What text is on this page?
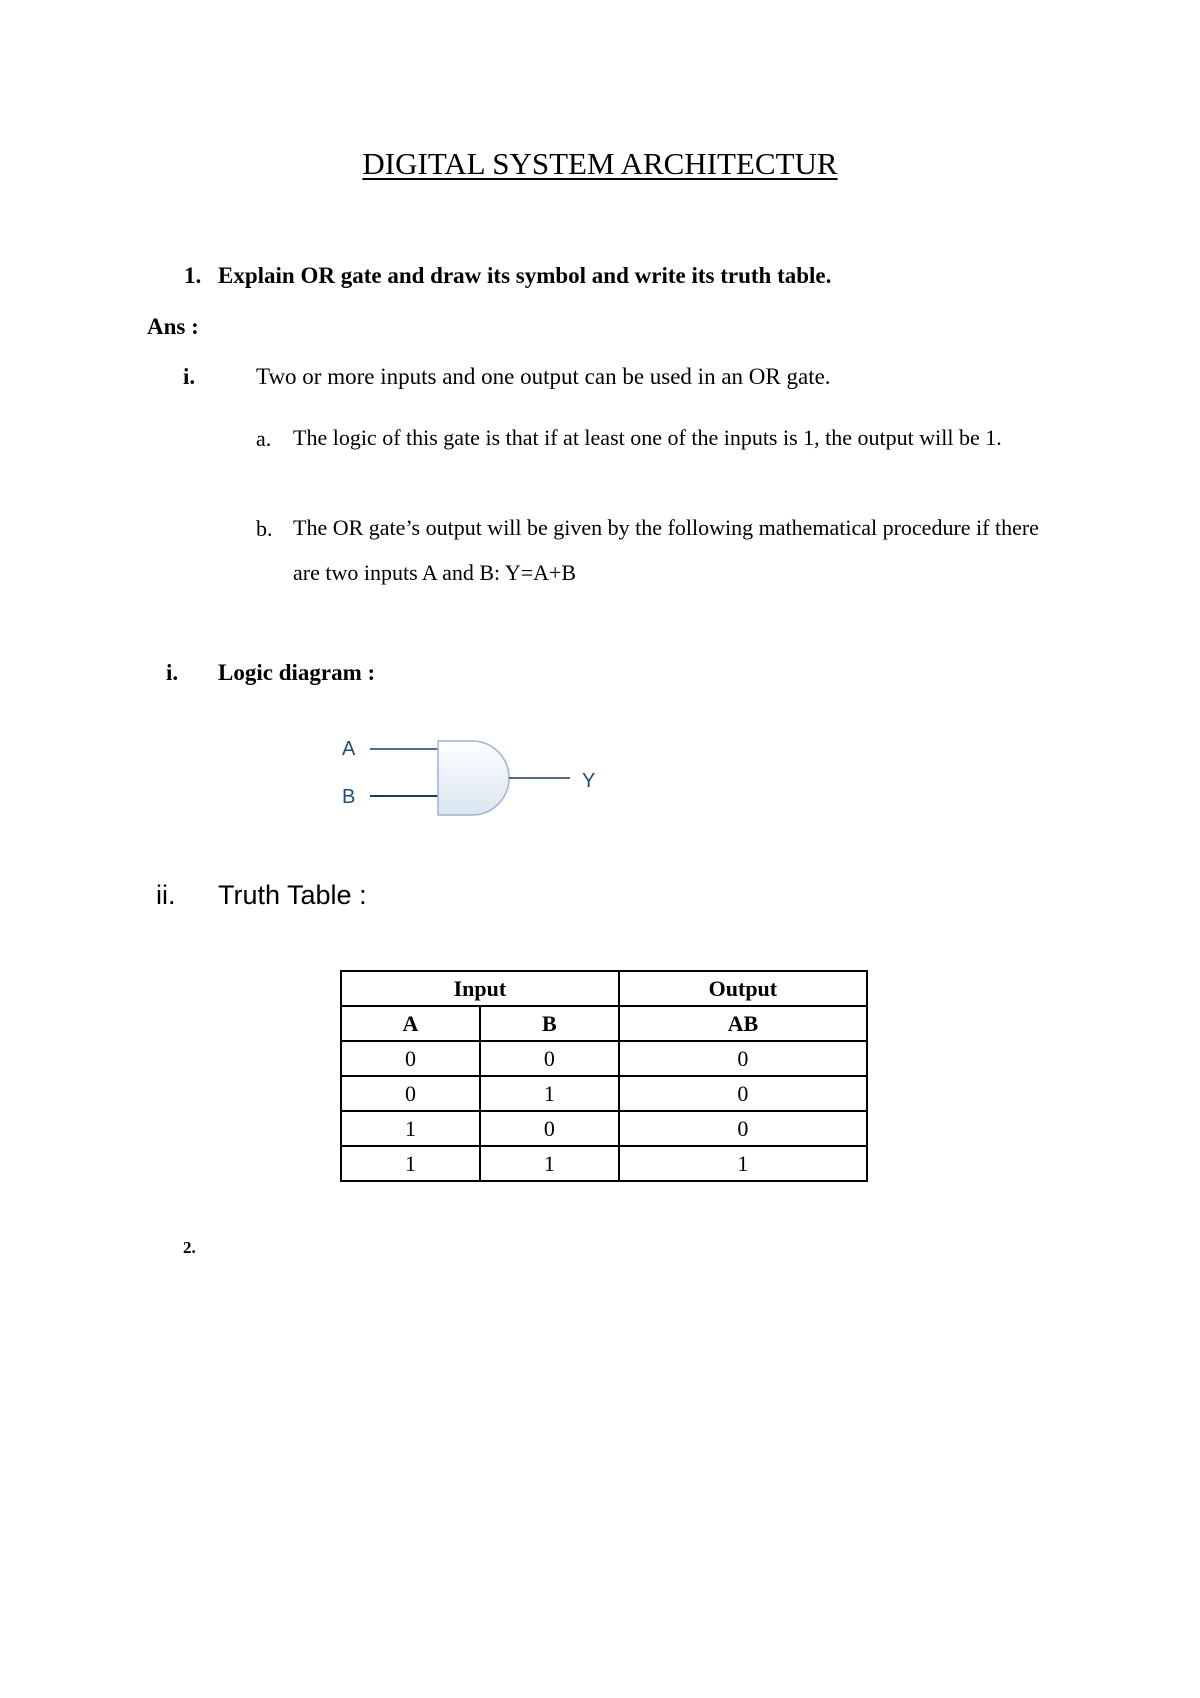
DIGITAL SYSTEM ARCHITECTUR
1. Explain OR gate and draw its symbol and write its truth table.
Ans :
i.	Two or more inputs and one output can be used in an OR gate.
a. The logic of this gate is that if at least one of the inputs is 1, the output will be 1.
b. The OR gate’s output will be given by the following mathematical procedure if there are two inputs A and B: Y=A+B
i. Logic diagram :
A
B
Y
ii. Truth Table :
Input		Output
A	B	AB
0	0	0
0	1	0
1	0	0
1	1	1
2.
